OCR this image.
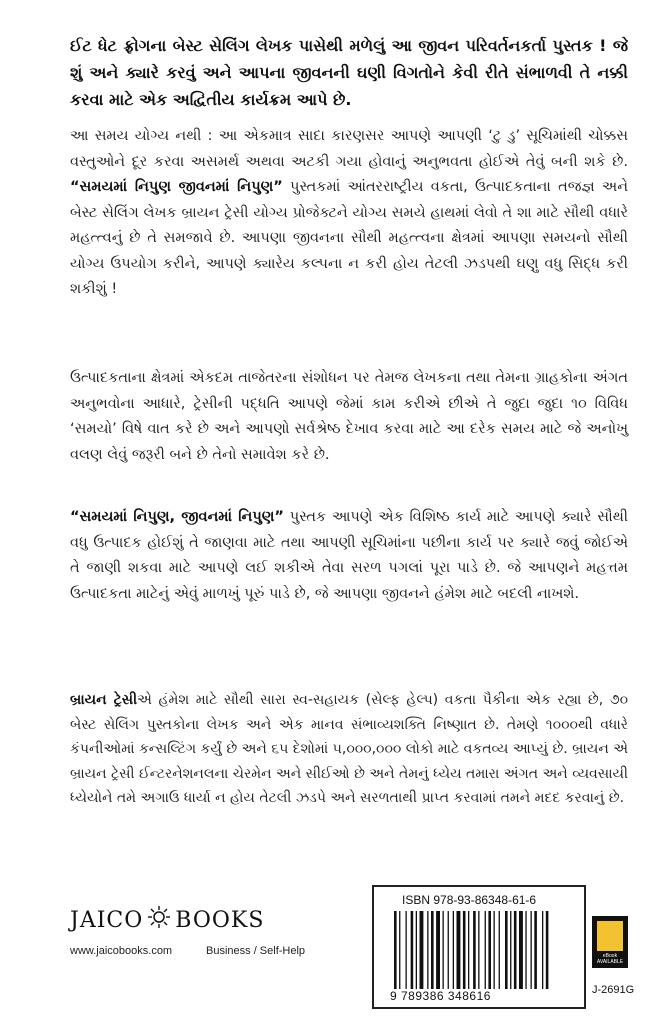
ઈટ ધેટ ફ્રોગના બેસ્ટ સેલિંગ લેખક પાસેથી મળેલું આ જીવન પરિવર્તનકર્તા પુસ્તક ! જે શું અને ક્યારે કરવું અને આપના જીવનની ઘણી વિગતોને કેવી રીતે સંભાળવી તે નક્કી કરવા માટે એક અદ્વિતીય કાર્યક્રમ આપે છે.
આ સમય યોગ્ય નથી : આ એકમાત્ર સાદા કારણસર આપણે આપણી ‘ટુ ડુ’ સૂચિમાંથી ચોક્કસ વસ્તુઓને દૂર કરવા અસમર્થ અથવા અટકી ગયા હોવાનું અનુભવતા હોઈએ તેવું બની શકે છે. “સમયમાં નિપુણ જીવનમાં નિપુણ” પુસ્તકમાં આંતરરાષ્ટ્રીય વકતા, ઉત્પાદકતાના તજજ્ઞ અને બેસ્ટ સેલિંગ લેખક બ્રાયન ટ્રેસી યોગ્ય પ્રોજેક્ટને યોગ્ય સમયે હાથમાં લેવો તે શા માટે સૌથી વધારે મહત્ત્વનું છે તે સમજાવે છે. આપણા જીવનના સૌથી મહત્ત્વના ક્ષેત્રમાં આપણા સમયનો સૌથી યોગ્ય ઉપયોગ કરીને, આપણે ક્યારેય કલ્પના ન કરી હોય તેટલી ઝડપથી ઘણુ વધુ સિદ્ધ કરી શકીશું !
ઉત્પાદકતાના ક્ષેત્રમાં એકદમ તાજેતરના સંશોધન પર તેમજ લેખકના તથા તેમના ગ્રાહકોના અંગત અનુભવોના આધારે, ટ્રેસીની પદ્ધતિ આપણે જેમાં કામ કરીએ છીએ તે જુદા જુદા ૧૦ વિવિધ ‘સમયો’ વિષે વાત કરે છે અને આપણો સર્વશ્રેષ્ઠ દેખાવ કરવા માટે આ દરેક સમય માટે જે અનોખુ વલણ લેવું જરૂરી બને છે તેનો સમાવેશ કરે છે.
“સમયમાં નિપુણ, જીવનમાં નિપુણ” પુસ્તક આપણે એક વિશિષ્ઠ કાર્ય માટે આપણે ક્યારે સૌથી વધુ ઉત્પાદક હોઈશું તે જાણવા માટે તથા આપણી સૂચિમાંના પછીના કાર્ય પર ક્યારે જવું જોઈએ તે જાણી શકવા માટે આપણે લઈ શકીએ તેવા સરળ પગલાં પૂરા પાડે છે. જે આપણને મહત્તમ ઉત્પાદકતા માટેનું એવું માળખું પૂરું પાડે છે, જે આપણા જીવનને હંમેશ માટે બદલી નાખશે.
બ્રાયન ટ્રેસીએ હંમેશ માટે સૌથી સારા સ્વ-સહાયક (સેલ્ફ હેલ્પ) વકતા પૈકીના એક રહ્યા છે, ૭૦ બેસ્ટ સેલિંગ પુસ્તકોના લેખક અને એક માનવ સંભાવ્યશક્તિ નિષ્ણાત છે. તેમણે ૧૦૦૦થી વધારે કંપનીઓમાં કન્સલ્ટિંગ કર્યું છે અને ૬૫ દેશોમાં ૫,૦૦૦,૦૦૦ લોકો માટે વકતવ્ય આપ્યું છે. બ્રાયન એ બ્રાયન ટ્રેસી ઈન્ટરનેશનલના ચેરમેન અને સીઈઓ છે અને તેમનું ધ્યેય તમારા અંગત અને વ્યવસાયી ધ્યેયોને તમે અગાઉ ધાર્યા ન હોય તેટલી ઝડપે અને સરળતાથી પ્રાપ્ત કરવામાં તમને મદદ કરવાનું છે.
JAICO BOOKS
www.jaicobooks.com	Business / Self-Help
ISBN 978-93-86348-61-6
9 789386 348616
eBook AVAILABLE
J-2691G
